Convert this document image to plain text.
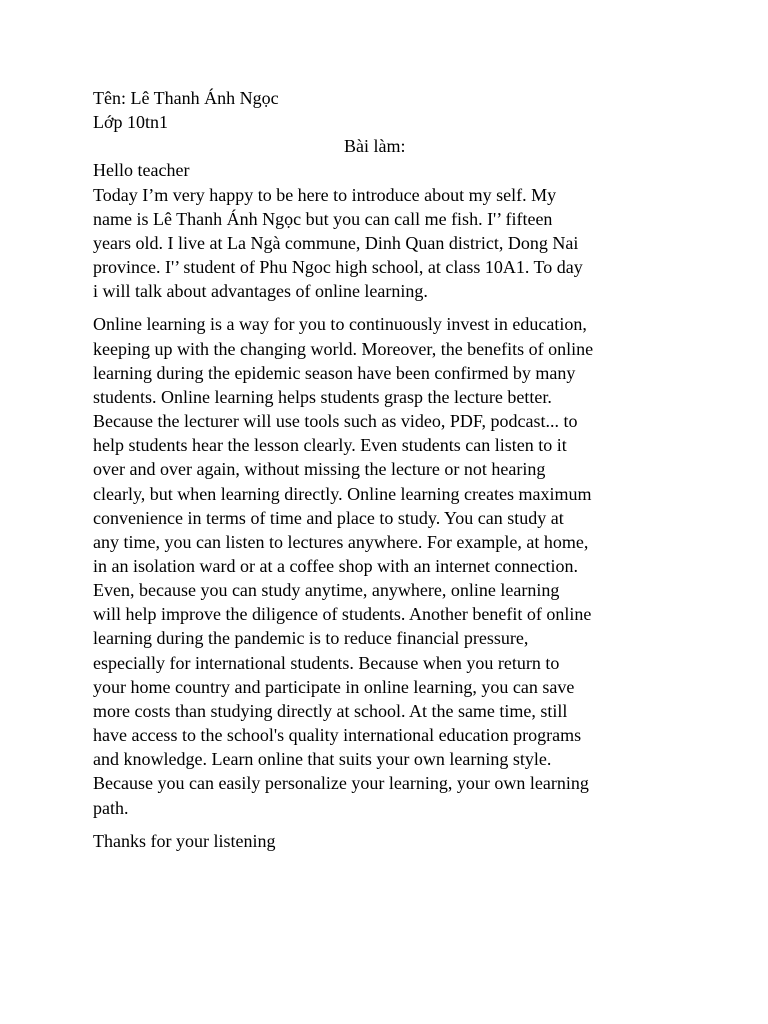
Tên: Lê Thanh Ánh Ngọc
Lớp 10tn1
Bài làm:
Hello teacher
Today I’m very happy to be here to introduce about my self. My
name is Lê Thanh Ánh Ngọc but you can call me fish. I'’ fifteen
years old. I live at La Ngà commune, Dinh Quan district, Dong Nai
province. I'’ student of Phu Ngoc high school, at class 10A1. To day
i will talk about advantages of online learning.
Online learning is a way for you to continuously invest in education,
keeping up with the changing world. Moreover, the benefits of online
learning during the epidemic season have been confirmed by many
students. Online learning helps students grasp the lecture better.
Because the lecturer will use tools such as video, PDF, podcast... to
help students hear the lesson clearly. Even students can listen to it
over and over again, without missing the lecture or not hearing
clearly, but when learning directly. Online learning creates maximum
convenience in terms of time and place to study. You can study at
any time, you can listen to lectures anywhere. For example, at home,
in an isolation ward or at a coffee shop with an internet connection.
Even, because you can study anytime, anywhere, online learning
will help improve the diligence of students. Another benefit of online
learning during the pandemic is to reduce financial pressure,
especially for international students. Because when you return to
your home country and participate in online learning, you can save
more costs than studying directly at school. At the same time, still
have access to the school's quality international education programs
and knowledge. Learn online that suits your own learning style.
Because you can easily personalize your learning, your own learning
path.
Thanks for your listening
